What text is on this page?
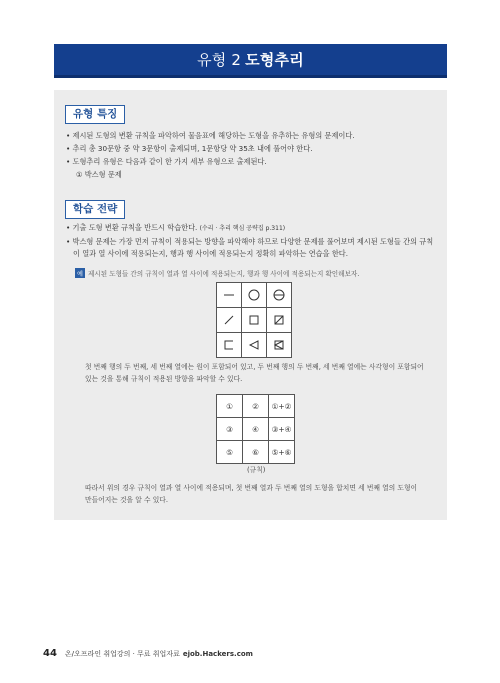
유형 2 도형추리
유형 특징
• 제시된 도형의 변환 규칙을 파악하여 물음표에 해당하는 도형을 유추하는 유형의 문제이다.
• 추리 총 30문항 중 약 3문항이 출제되며, 1문항당 약 35초 내에 풀어야 한다.
• 도형추리 유형은 다음과 같이 한 가지 세부 유형으로 출제된다.
① 박스형 문제
학습 전략
• 기출 도형 변환 규칙을 반드시 학습한다. (수리 · 추리 핵심 공략집 p.311)
• 박스형 문제는 가장 먼저 규칙이 적용되는 방향을 파악해야 하므로 다양한 문제를 풀어보며 제시된 도형들 간의 규칙이 열과 열 사이에 적용되는지, 행과 행 사이에 적용되는지 정확히 파악하는 연습을 한다.
예 제시된 도형들 간의 규칙이 열과 열 사이에 적용되는지, 행과 행 사이에 적용되는지 확인해보자.

첫 번째 행의 두 번째, 세 번째 열에는 원이 포함되어 있고, 두 번째 행의 두 번째, 세 번째 열에는 사각형이 포함되어 있는 것을 통해 규칙이 적용된 방향을 파악할 수 있다.
①	②	①+②
③	④	③+④
⑤	⑥	⑤+⑥
(규칙)
따라서 위의 경우 규칙이 열과 열 사이에 적용되며, 첫 번째 열과 두 번째 열의 도형을 합치면 세 번째 열의 도형이 만들어지는 것을 알 수 있다.
44 온/오프라인 취업강의 · 무료 취업자료 ejob.Hackers.com
